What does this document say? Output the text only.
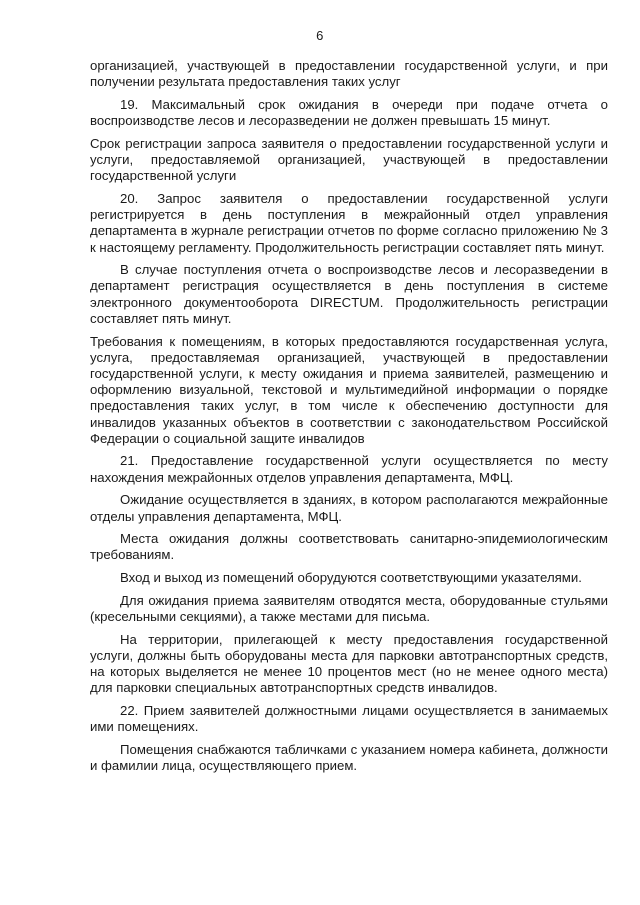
6

организацией, участвующей в предоставлении государственной услуги, и при получении результата предоставления таких услуг

19. Максимальный срок ожидания в очереди при подаче отчета о воспроизводстве лесов и лесоразведении не должен превышать 15 минут.

Срок регистрации запроса заявителя о предоставлении государственной услуги и услуги, предоставляемой организацией, участвующей в предоставлении государственной услуги

20. Запрос заявителя о предоставлении государственной услуги регистрируется в день поступления в межрайонный отдел управления департамента в журнале регистрации отчетов по форме согласно приложению № 3 к настоящему регламенту. Продолжительность регистрации составляет пять минут.

В случае поступления отчета о воспроизводстве лесов и лесоразведении в департамент регистрация осуществляется в день поступления в системе электронного документооборота DIRECTUM. Продолжительность регистрации составляет пять минут.

Требования к помещениям, в которых предоставляются государственная услуга, услуга, предоставляемая организацией, участвующей в предоставлении государственной услуги, к месту ожидания и приема заявителей, размещению и оформлению визуальной, текстовой и мультимедийной информации о порядке предоставления таких услуг, в том числе к обеспечению доступности для инвалидов указанных объектов в соответствии с законодательством Российской Федерации о социальной защите инвалидов

21. Предоставление государственной услуги осуществляется по месту нахождения межрайонных отделов управления департамента, МФЦ.

Ожидание осуществляется в зданиях, в котором располагаются межрайонные отделы управления департамента, МФЦ.

Места ожидания должны соответствовать санитарно-эпидемиологическим требованиям.

Вход и выход из помещений оборудуются соответствующими указателями.

Для ожидания приема заявителям отводятся места, оборудованные стульями (кресельными секциями), а также местами для письма.

На территории, прилегающей к месту предоставления государственной услуги, должны быть оборудованы места для парковки автотранспортных средств, на которых выделяется не менее 10 процентов мест (но не менее одного места) для парковки специальных автотранспортных средств инвалидов.

22. Прием заявителей должностными лицами осуществляется в занимаемых ими помещениях.

Помещения снабжаются табличками с указанием номера кабинета, должности и фамилии лица, осуществляющего прием.
